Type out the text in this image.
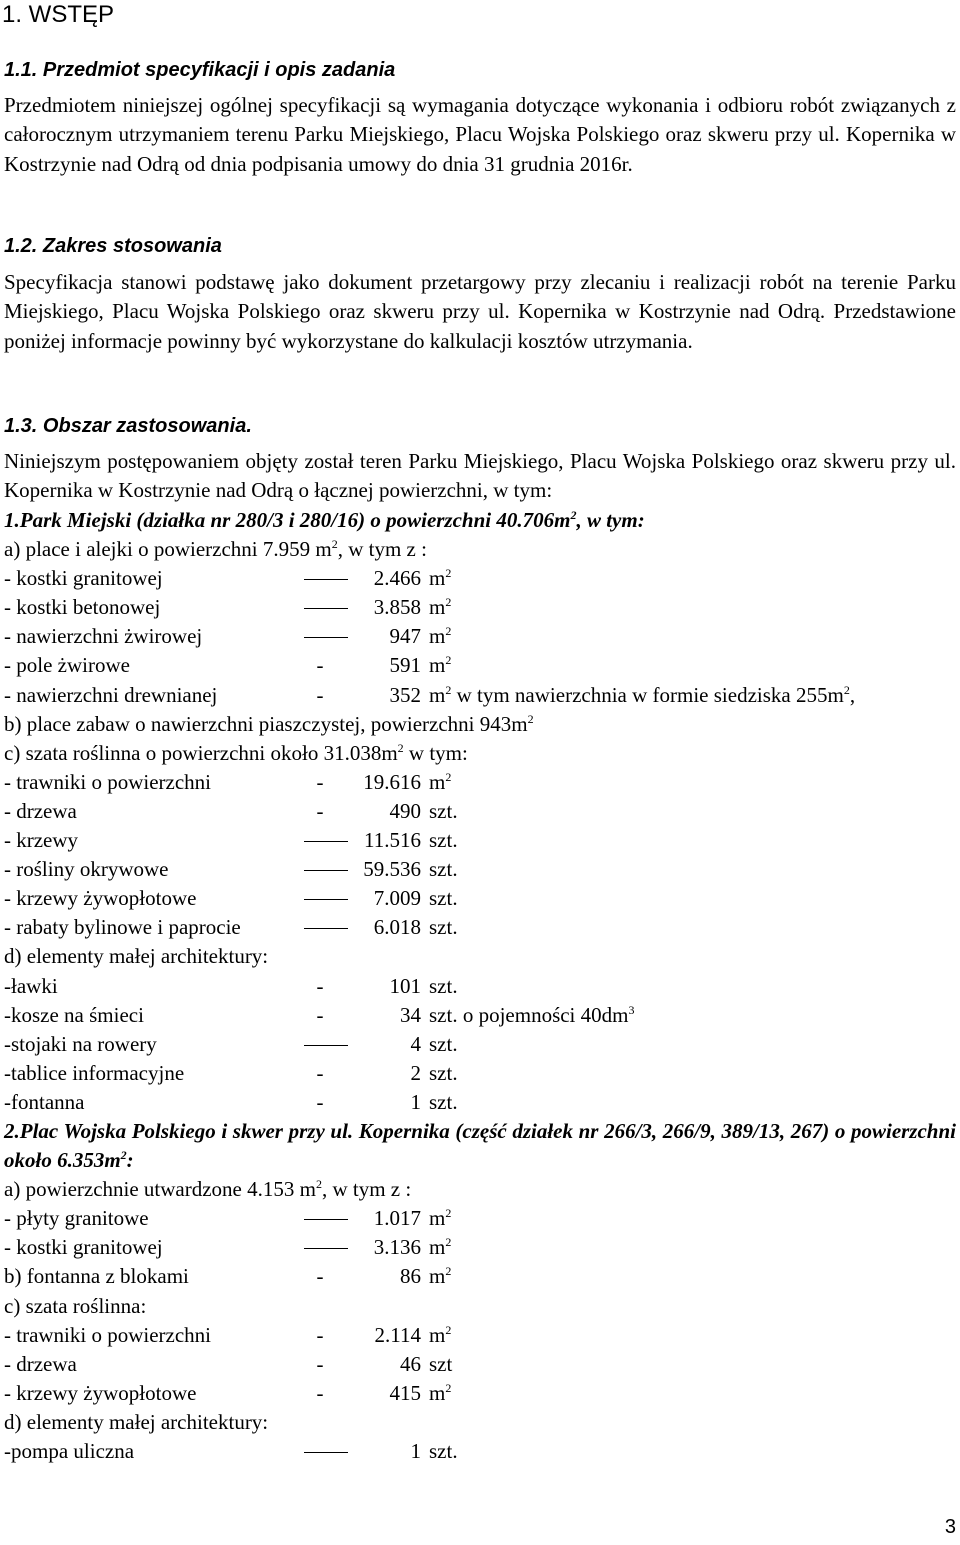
1. WSTĘP
1.1. Przedmiot specyfikacji i opis zadania

Przedmiotem niniejszej ogólnej specyfikacji są wymagania dotyczące wykonania i odbioru robót związanych z całorocznym utrzymaniem terenu Parku Miejskiego, Placu Wojska Polskiego oraz skweru przy ul. Kopernika w Kostrzynie nad Odrą od dnia podpisania umowy do dnia 31 grudnia 2016r.

1.2. Zakres stosowania

Specyfikacja stanowi podstawę jako dokument przetargowy przy zlecaniu i realizacji robót na terenie Parku Miejskiego, Placu Wojska Polskiego oraz skweru przy ul. Kopernika w Kostrzynie nad Odrą. Przedstawione poniżej informacje powinny być wykorzystane do kalkulacji kosztów utrzymania.

1.3. Obszar zastosowania.

Niniejszym postępowaniem objęty został teren Parku Miejskiego, Placu Wojska Polskiego oraz skweru przy ul. Kopernika w Kostrzynie nad Odrą o łącznej powierzchni, w tym:

1.Park Miejski (działka nr 280/3 i 280/16) o powierzchni $40.706m^2$, w tym:
a) place i alejki o powierzchni 7.959 $m^2$, w tym z :
- kostki granitowej	2.466 $m^2$
- kostki betonowej	3.858 $m^2$
- nawierzchni żwirowej	947 $m^2$
- pole żwirowe	-	591 $m^2$
- nawierzchni drewnianej	-	352 $m^2$ w tym nawierzchnia w formie siedziska $255m^2$,
b) place zabaw o nawierzchni piaszczystej, powierzchni $943m^2$
c) szata roślinna o powierzchni około $31.038m^2$ w tym:
- trawniki o powierzchni	-	19.616 $m^2$
- drzewa	-	490 szt.
- krzewy	11.516 szt.
- rośliny okrywowe	59.536 szt.
- krzewy żywopłotowe	7.009 szt.
- rabaty bylinowe i paprocie	6.018 szt.
d) elementy małej architektury:
-ławki	-	101 szt.
-kosze na śmieci	-	34 szt. o pojemności $40dm^3$
-stojaki na rowery	4 szt.
-tablice informacyjne	-	2 szt.
-fontanna	-	1 szt.
2.Plac Wojska Polskiego i skwer przy ul. Kopernika (część działek nr 266/3, 266/9, 389/13, 267) o powierzchni około $6.353m^2$:
a) powierzchnie utwardzone 4.153 $m^2$, w tym z :
- płyty granitowe	1.017 $m^2$
- kostki granitowej	3.136 $m^2$
b) fontanna z blokami	-	86 $m^2$
c) szata roślinna:
- trawniki o powierzchni	-	2.114 $m^2$
- drzewa	-	46 szt
- krzewy żywopłotowe	-	415 $m^2$
d) elementy małej architektury:
-pompa uliczna	1 szt.
3
